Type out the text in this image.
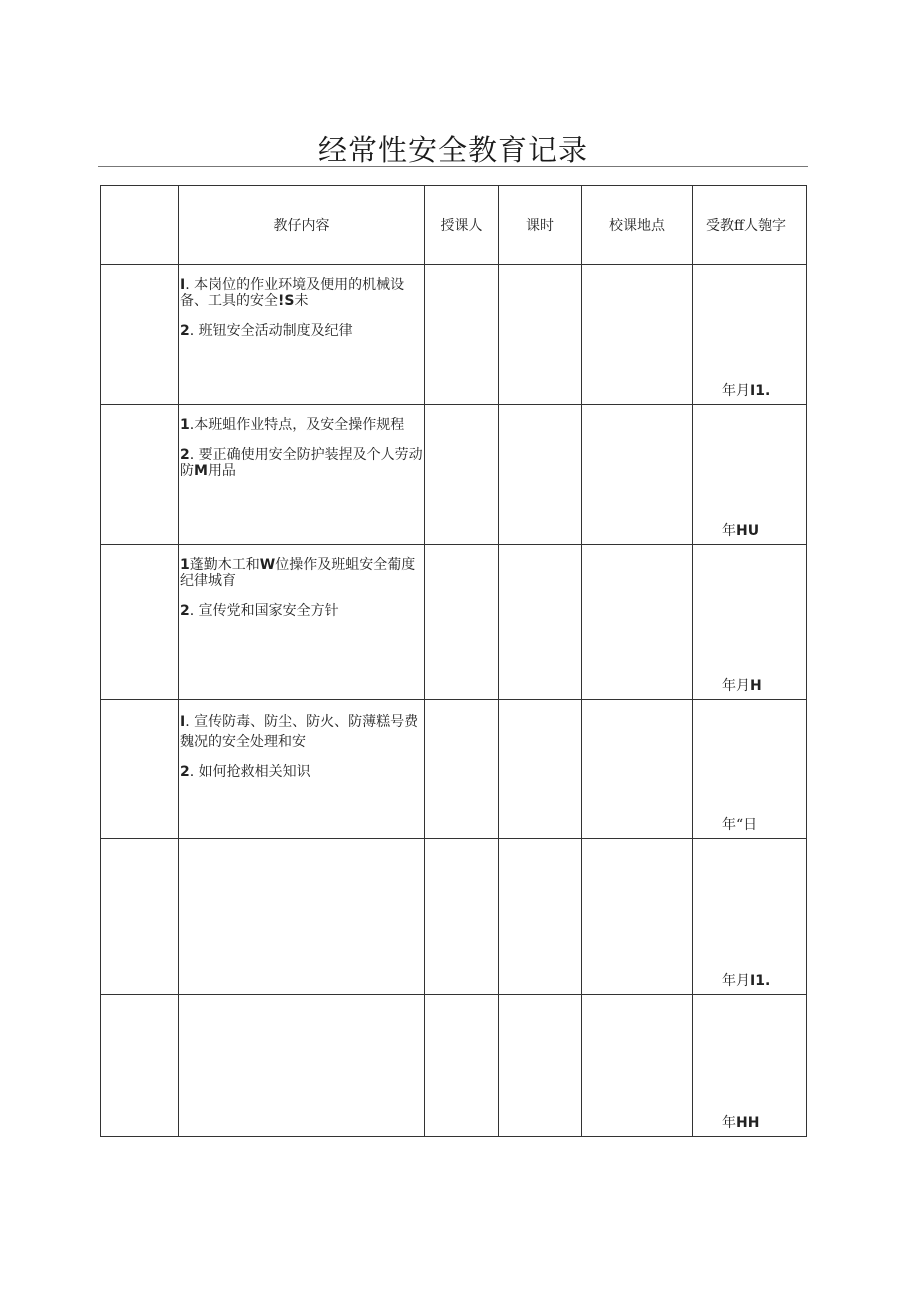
经常性安全教育记录
	教仔内容	授课人	课时	校课地点	受教ff人匏字

	I. 本岗位的作业环境及便用的机械设备、工具的安全!S未
2. 班钮安全活动制度及纪律				年月I1.

	1.本班蛆作业特点，及安全操作规程
2. 要正确使用安全防护装捏及个人劳动防M用品				年HU

	1蓬勤木工和W位操作及班蛆安全葡度纪律城育
2. 宣传党和国家安全方针				年月H

	I. 宣传防毒、防尘、防火、防薄糕号费魏况的安全处理和安
2. 如何抢救相关知识				年“日

					年月I1.

					年HH
